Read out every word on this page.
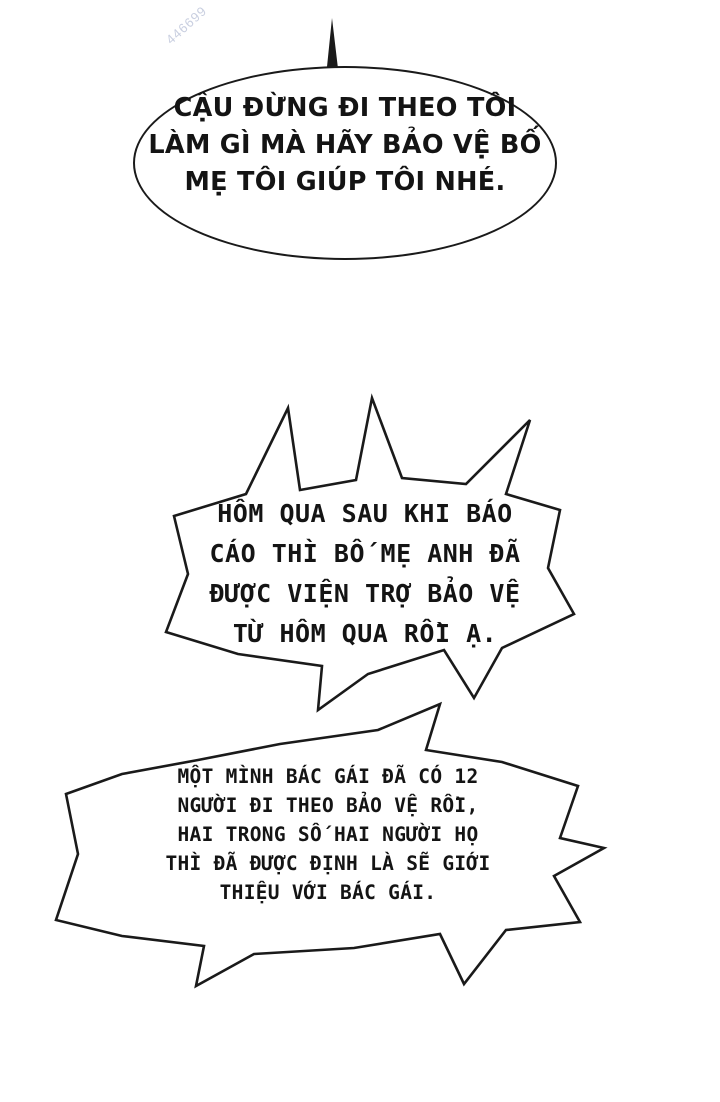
446699
CẬU ĐỪNG ĐI THEO TÔI
LÀM GÌ MÀ HÃY BẢO VỆ BỐ
MẸ TÔI GIÚP TÔI NHÉ.
HÔM QUA SAU KHI BÁO
CÁO THÌ BỐ MẸ ANH ĐÃ
ĐƯỢC VIỆN TRỢ BẢO VỆ
TỪ HÔM QUA RỒI Ạ.
MỘT MÌNH BÁC GÁI ĐÃ CÓ 12
NGƯỜI ĐI THEO BẢO VỆ RỒI,
HAI TRONG SỐ HAI NGƯỜI HỌ
THÌ ĐÃ ĐƯỢC ĐỊNH LÀ SẼ GIỚI
THIỆU VỚI BÁC GÁI.
